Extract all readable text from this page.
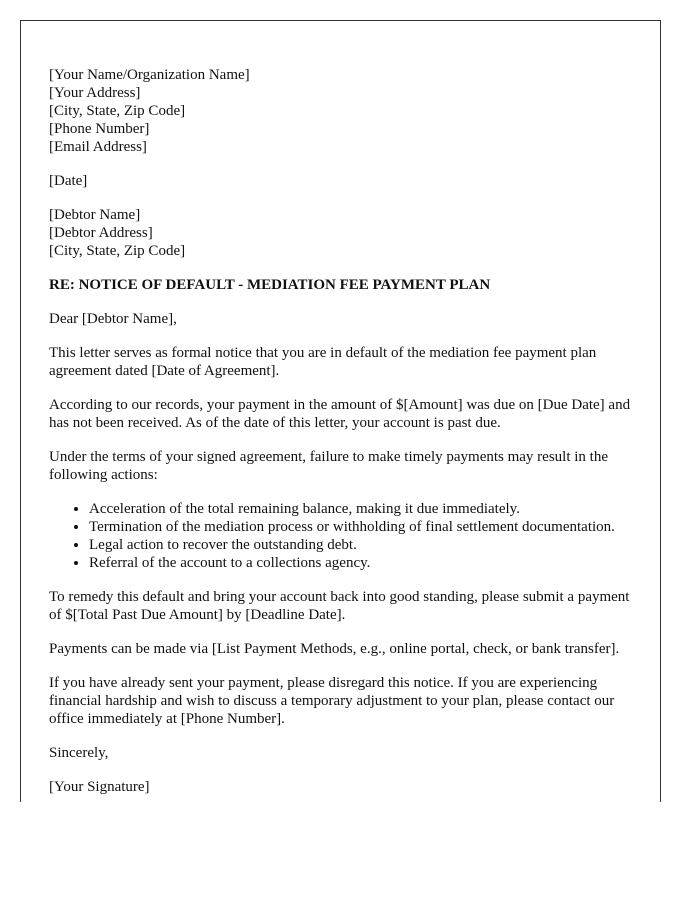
[Your Name/Organization Name]
[Your Address]
[City, State, Zip Code]
[Phone Number]
[Email Address]

[Date]

[Debtor Name]
[Debtor Address]
[City, State, Zip Code]

RE: NOTICE OF DEFAULT - MEDIATION FEE PAYMENT PLAN

Dear [Debtor Name],

This letter serves as formal notice that you are in default of the mediation fee payment plan agreement dated [Date of Agreement].

According to our records, your payment in the amount of $[Amount] was due on [Due Date] and has not been received. As of the date of this letter, your account is past due.

Under the terms of your signed agreement, failure to make timely payments may result in the following actions:

• Acceleration of the total remaining balance, making it due immediately.
• Termination of the mediation process or withholding of final settlement documentation.
• Legal action to recover the outstanding debt.
• Referral of the account to a collections agency.

To remedy this default and bring your account back into good standing, please submit a payment of $[Total Past Due Amount] by [Deadline Date].

Payments can be made via [List Payment Methods, e.g., online portal, check, or bank transfer].

If you have already sent your payment, please disregard this notice. If you are experiencing financial hardship and wish to discuss a temporary adjustment to your plan, please contact our office immediately at [Phone Number].

Sincerely,

[Your Signature]
